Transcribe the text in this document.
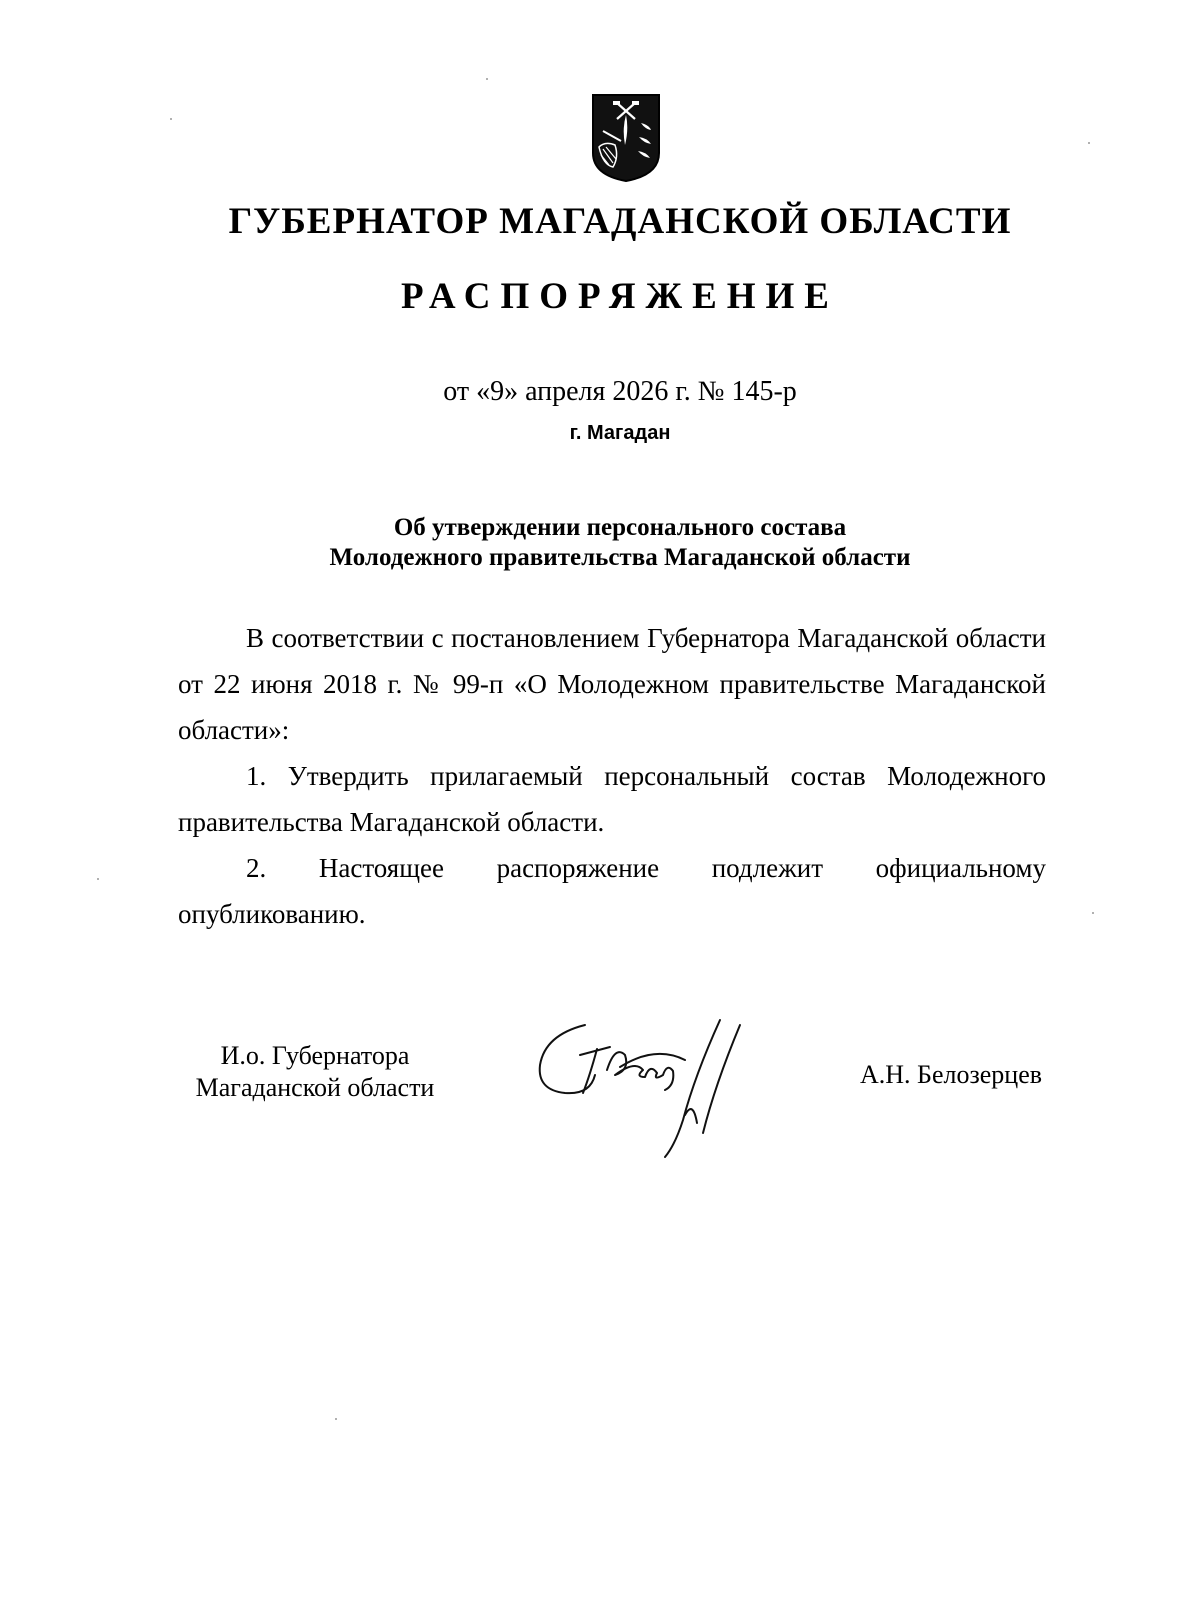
ГУБЕРНАТОР МАГАДАНСКОЙ ОБЛАСТИ
РАСПОРЯЖЕНИЕ
от «9» апреля 2026 г. № 145-р
г. Магадан
Об утверждении персонального состава
Молодежного правительства Магаданской области

В соответствии с постановлением Губернатора Магаданской области от 22 июня 2018 г. № 99-п «О Молодежном правительстве Магаданской области»:

1. Утвердить прилагаемый персональный состав Молодежного правительства Магаданской области.

2. Настоящее распоряжение подлежит официальному опубликованию.

И.о. Губернатора
Магаданской области	А.Н. Белозерцев
